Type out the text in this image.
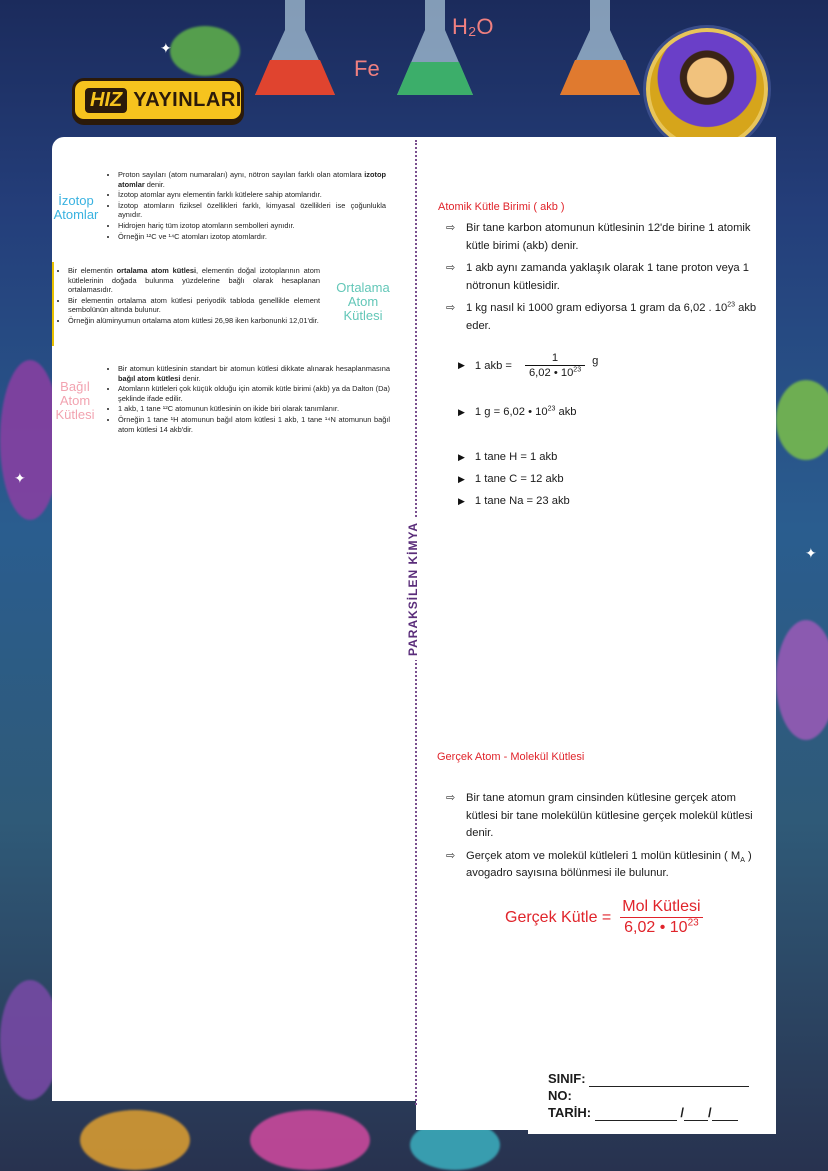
✦
✦
✦
H₂O
Fe
HIZ YAYINLARI
PARAKSİLEN KİMYA
İzotop
Atomlar
• Proton sayıları (atom numaraları) aynı, nötron sayıları farklı olan atomlara izotop atomlar denir.
• İzotop atomlar aynı elementin farklı kütlelere sahip atomlarıdır.
• İzotop atomların fiziksel özellikleri farklı, kimyasal özellikleri ise çoğunlukla aynıdır.
• Hidrojen hariç tüm izotop atomların sembolleri aynıdır.
• Örneğin ¹²C ve ¹⁴C atomları izotop atomlardır.
• Bir elementin ortalama atom kütlesi, elementin doğal izotoplarının atom kütlelerinin doğada bulunma yüzdelerine bağlı olarak hesaplanan ortalamasıdır.
• Bir elementin ortalama atom kütlesi periyodik tabloda genellikle element sembolünün altında bulunur.
• Örneğin alüminyumun ortalama atom kütlesi 26,98 iken karbonunki 12,01'dir.
Ortalama
Atom
Kütlesi
Bağıl
Atom
Kütlesi
• Bir atomun kütlesinin standart bir atomun kütlesi dikkate alınarak hesaplanmasına bağıl atom kütlesi denir.
• Atomların kütleleri çok küçük olduğu için atomik kütle birimi (akb) ya da Dalton (Da) şeklinde ifade edilir.
• 1 akb, 1 tane ¹²C atomunun kütlesinin on ikide biri olarak tanımlanır.
• Örneğin 1 tane ¹H atomunun bağıl atom kütlesi 1 akb, 1 tane ¹⁴N atomunun bağıl atom kütlesi 14 akb'dir.
Atomik Kütle Birimi ( akb )
⇨ Bir tane karbon atomunun kütlesinin 12'de birine 1 atomik kütle birimi (akb) denir.
⇨ 1 akb aynı zamanda yaklaşık olarak 1 tane proton veya 1 nötronun kütlesidir.
⇨ 1 kg nasıl ki 1000 gram ediyorsa 1 gram da 6,02 . $10^{23}$ akb eder.
▶ 1 akb = $\frac{1}{6,02 • 10^{23}}$ g
▶ 1 g = 6,02 • $10^{23}$ akb
▶ 1 tane H = 1 akb
▶ 1 tane C = 12 akb
▶ 1 tane Na = 23 akb
Gerçek Atom - Molekül Kütlesi
⇨ Bir tane atomun gram cinsinden kütlesine gerçek atom kütlesi bir tane molekülün kütlesine gerçek molekül kütlesi denir.
⇨ Gerçek atom ve molekül kütleleri 1 molün kütlesinin ( $M_A$ ) avogadro sayısına bölünmesi ile bulunur.
Gerçek Kütle = $\frac{\text{Mol Kütlesi}}{6,02 • 10^{23}}$
SINIF:
NO:
TARİH:	/ /
